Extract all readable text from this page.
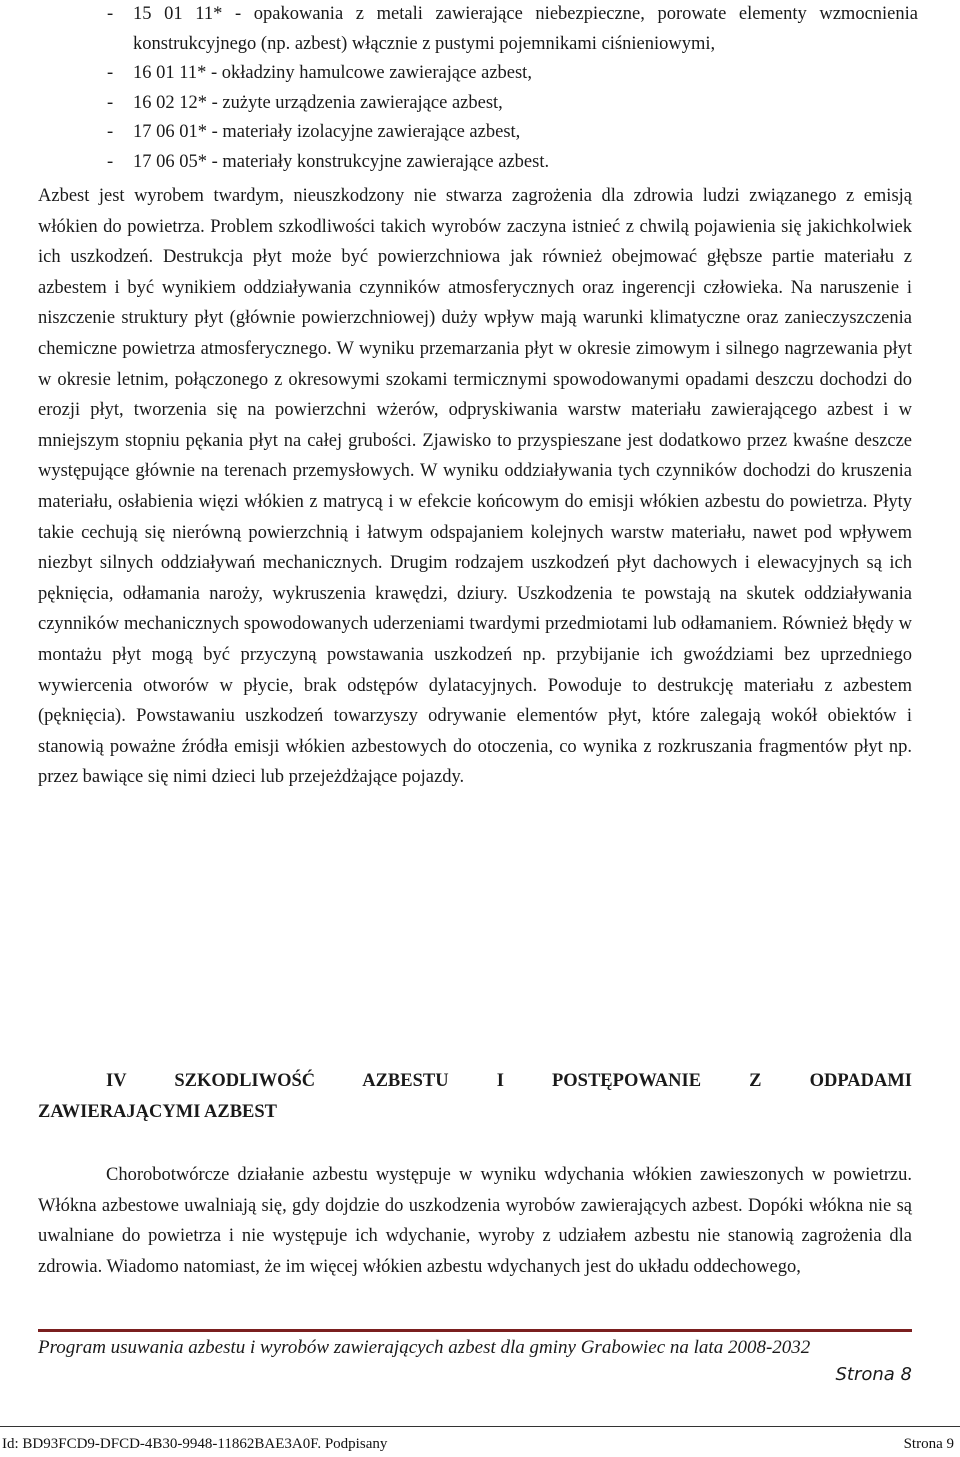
- 15 01 11* - opakowania z metali zawierające niebezpieczne, porowate elementy wzmocnienia konstrukcyjnego (np. azbest) włącznie z pustymi pojemnikami ciśnieniowymi,
- 16 01 11* - okładziny hamulcowe zawierające azbest,
- 16 02 12* - zużyte urządzenia zawierające azbest,
- 17 06 01* - materiały izolacyjne zawierające azbest,
- 17 06 05* - materiały konstrukcyjne zawierające azbest.

Azbest jest wyrobem twardym, nieuszkodzony nie stwarza zagrożenia dla zdrowia ludzi związanego z emisją włókien do powietrza. Problem szkodliwości takich wyrobów zaczyna istnieć z chwilą pojawienia się jakichkolwiek ich uszkodzeń. Destrukcja płyt może być powierzchniowa jak również obejmować głębsze partie materiału z azbestem i być wynikiem oddziaływania czynników atmosferycznych oraz ingerencji człowieka. Na naruszenie i niszczenie struktury płyt (głównie powierzchniowej) duży wpływ mają warunki klimatyczne oraz zanieczyszczenia chemiczne powietrza atmosferycznego. W wyniku przemarzania płyt w okresie zimowym i silnego nagrzewania płyt w okresie letnim, połączonego z okresowymi szokami termicznymi spowodowanymi opadami deszczu dochodzi do erozji płyt, tworzenia się na powierzchni wżerów, odpryskiwania warstw materiału zawierającego azbest i w mniejszym stopniu pękania płyt na całej grubości. Zjawisko to przyspieszane jest dodatkowo przez kwaśne deszcze występujące głównie na terenach przemysłowych. W wyniku oddziaływania tych czynników dochodzi do kruszenia materiału, osłabienia więzi włókien z matrycą i w efekcie końcowym do emisji włókien azbestu do powietrza. Płyty takie cechują się nierówną powierzchnią i łatwym odspajaniem kolejnych warstw materiału, nawet pod wpływem niezbyt silnych oddziaływań mechanicznych. Drugim rodzajem uszkodzeń płyt dachowych i elewacyjnych są ich pęknięcia, odłamania naroży, wykruszenia krawędzi, dziury. Uszkodzenia te powstają na skutek oddziaływania czynników mechanicznych spowodowanych uderzeniami twardymi przedmiotami lub odłamaniem. Również błędy w montażu płyt mogą być przyczyną powstawania uszkodzeń np. przybijanie ich gwoździami bez uprzedniego wywiercenia otworów w płycie, brak odstępów dylatacyjnych. Powoduje to destrukcję materiału z azbestem (pęknięcia). Powstawaniu uszkodzeń towarzyszy odrywanie elementów płyt, które zalegają wokół obiektów i stanowią poważne źródła emisji włókien azbestowych do otoczenia, co wynika z rozkruszania fragmentów płyt np. przez bawiące się nimi dzieci lub przejeżdżające pojazdy.

IV SZKODLIWOŚĆ AZBESTU I POSTĘPOWANIE Z ODPADAMI
ZAWIERAJĄCYMI AZBEST

Chorobotwórcze działanie azbestu występuje w wyniku wdychania włókien zawieszonych w powietrzu. Włókna azbestowe uwalniają się, gdy dojdzie do uszkodzenia wyrobów zawierających azbest. Dopóki włókna nie są uwalniane do powietrza i nie występuje ich wdychanie, wyroby z udziałem azbestu nie stanowią zagrożenia dla zdrowia. Wiadomo natomiast, że im więcej włókien azbestu wdychanych jest do układu oddechowego,

Program usuwania azbestu i wyrobów zawierających azbest dla gminy Grabowiec na lata 2008-2032
Strona 8
Id: BD93FCD9-DFCD-4B30-9948-11862BAE3A0F. Podpisany	Strona 9
